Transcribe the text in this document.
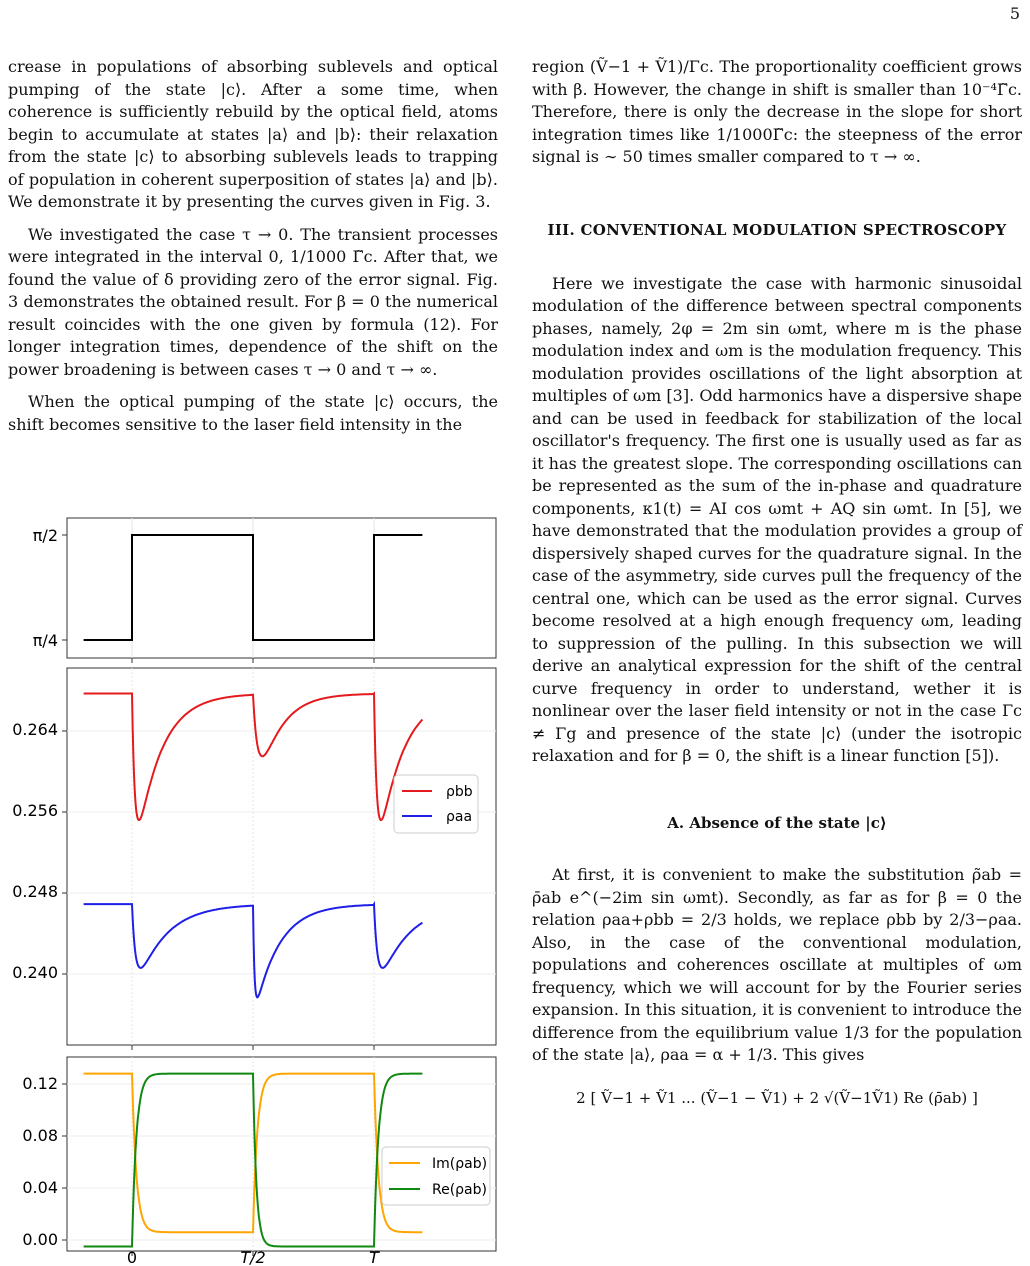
5

crease in populations of absorbing sublevels and optical pumping of the state |c⟩. After a some time, when coherence is sufficiently rebuild by the optical field, atoms begin to accumulate at states |a⟩ and |b⟩: their relaxation from the state |c⟩ to absorbing sublevels leads to trapping of population in coherent superposition of states |a⟩ and |b⟩. We demonstrate it by presenting the curves given in Fig. 3.

We investigated the case τ → 0. The transient processes were integrated in the interval 0, 1/1000 Γ̃c. After that, we found the value of δ providing zero of the error signal. Fig. 3 demonstrates the obtained result. For β = 0 the numerical result coincides with the one given by formula (12). For longer integration times, dependence of the shift on the power broadening is between cases τ → 0 and τ → ∞.

When the optical pumping of the state |c⟩ occurs, the shift becomes sensitive to the laser field intensity in the

region (Ṽ−1 + Ṽ1)/Γc. The proportionality coefficient grows with β. However, the change in shift is smaller than 10⁻⁴Γ̃c. Therefore, there is only the decrease in the slope for short integration times like 1/1000Γ̃c: the steepness of the error signal is ∼ 50 times smaller compared to τ → ∞.

III. CONVENTIONAL MODULATION SPECTROSCOPY

Here we investigate the case with harmonic sinusoidal modulation of the difference between spectral components phases, namely, 2φ = 2m sin ωmt, where m is the phase modulation index and ωm is the modulation frequency. This modulation provides oscillations of the light absorption at multiples of ωm [3]. Odd harmonics have a dispersive shape and can be used in feedback for stabilization of the local oscillator's frequency. The first one is usually used as far as it has the greatest slope. The corresponding oscillations can be represented as the sum of the in-phase and quadrature components, κ1(t) = AI cos ωmt + AQ sin ωmt. In [5], we have demonstrated that the modulation provides a group of dispersively shaped curves for the quadrature signal. In the case of the asymmetry, side curves pull the frequency of the central one, which can be used as the error signal. Curves become resolved at a high enough frequency ωm, leading to suppression of the pulling. In this subsection we will derive an analytical expression for the shift of the central curve frequency in order to understand, wether it is nonlinear over the laser field intensity or not in the case Γc ≠ Γg and presence of the state |c⟩ (under the isotropic relaxation and for β = 0, the shift is a linear function [5]).

A. Absence of the state |c⟩

At first, it is convenient to make the substitution ρ̃ab = ρ̄ab e^(−2im sin ωmt). Secondly, as far as for β = 0 the relation ρaa+ρbb = 2/3 holds, we replace ρbb by 2/3−ρaa. Also, in the case of the conventional modulation, populations and coherences oscillate at multiples of ωm frequency, which we will account for by the Fourier series expansion. In this situation, it is convenient to introduce the difference from the equilibrium value 1/3 for the population of the state |a⟩, ρaa = α + 1/3. This gives

2 [ Ṽ−1 + Ṽ1 ... (Ṽ−1 − Ṽ1) + 2 √(Ṽ−1Ṽ1) Re (ρ̄ab) ]
π/2
π/4
0.264
0.256
0.248
0.240
0.12
0.08
0.04
0.00
0	T/2	T
ρbb
ρaa
Im(ρab)
Re(ρab)
